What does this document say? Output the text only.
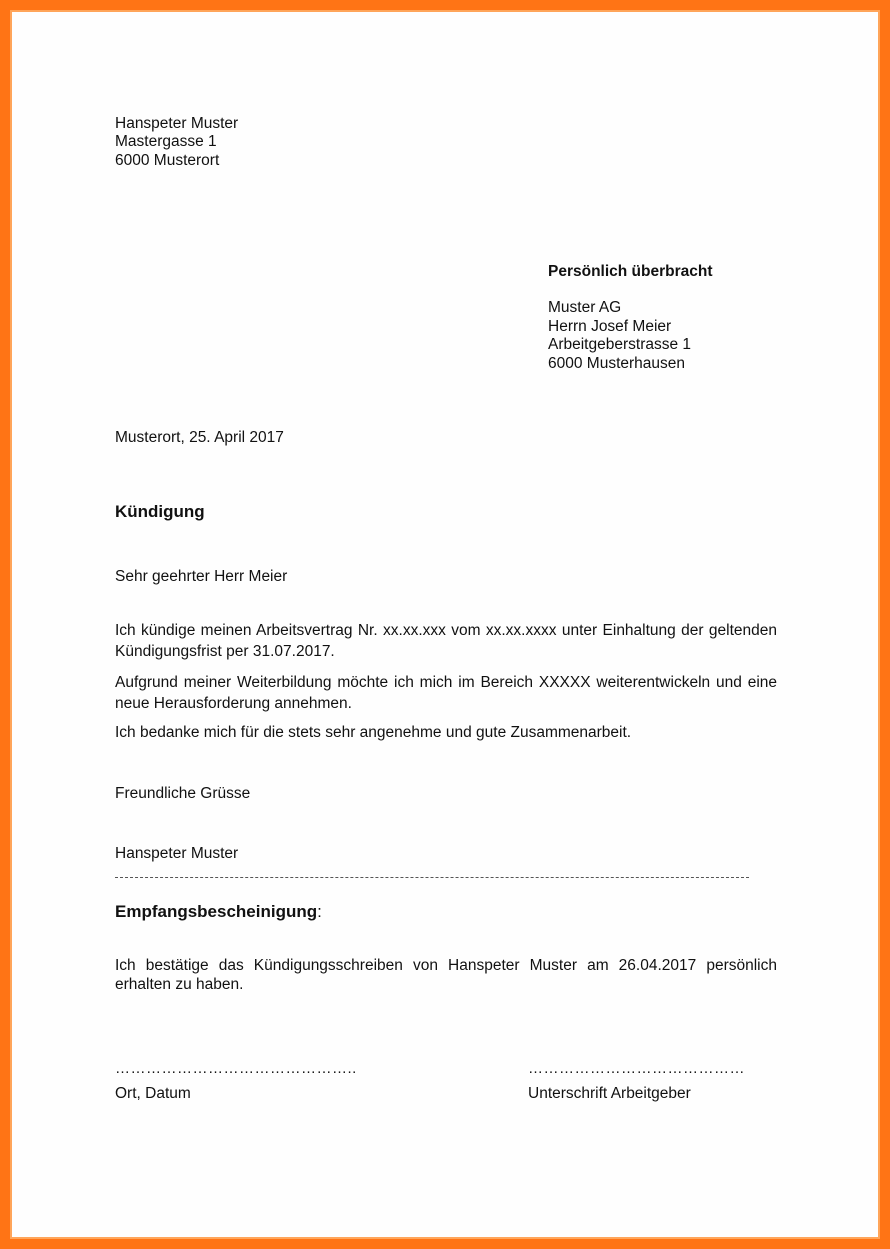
Hanspeter Muster
Mastergasse 1
6000 Musterort
Persönlich überbracht
Muster AG
Herrn Josef Meier
Arbeitgeberstrasse 1
6000 Musterhausen
Musterort, 25. April 2017
Kündigung
Sehr geehrter Herr Meier
Ich kündige meinen Arbeitsvertrag Nr. xx.xx.xxx vom xx.xx.xxxx unter Einhaltung der geltenden
Kündigungsfrist per 31.07.2017.
Aufgrund meiner Weiterbildung möchte ich mich im Bereich XXXXX weiterentwickeln und eine
neue Herausforderung annehmen.
Ich bedanke mich für die stets sehr angenehme und gute Zusammenarbeit.
Freundliche Grüsse
Hanspeter Muster
Empfangsbescheinigung:
Ich bestätige das Kündigungsschreiben von Hanspeter Muster am 26.04.2017 persönlich
erhalten zu haben.
………………………………………..	……………………………………
Ort, Datum	Unterschrift Arbeitgeber
